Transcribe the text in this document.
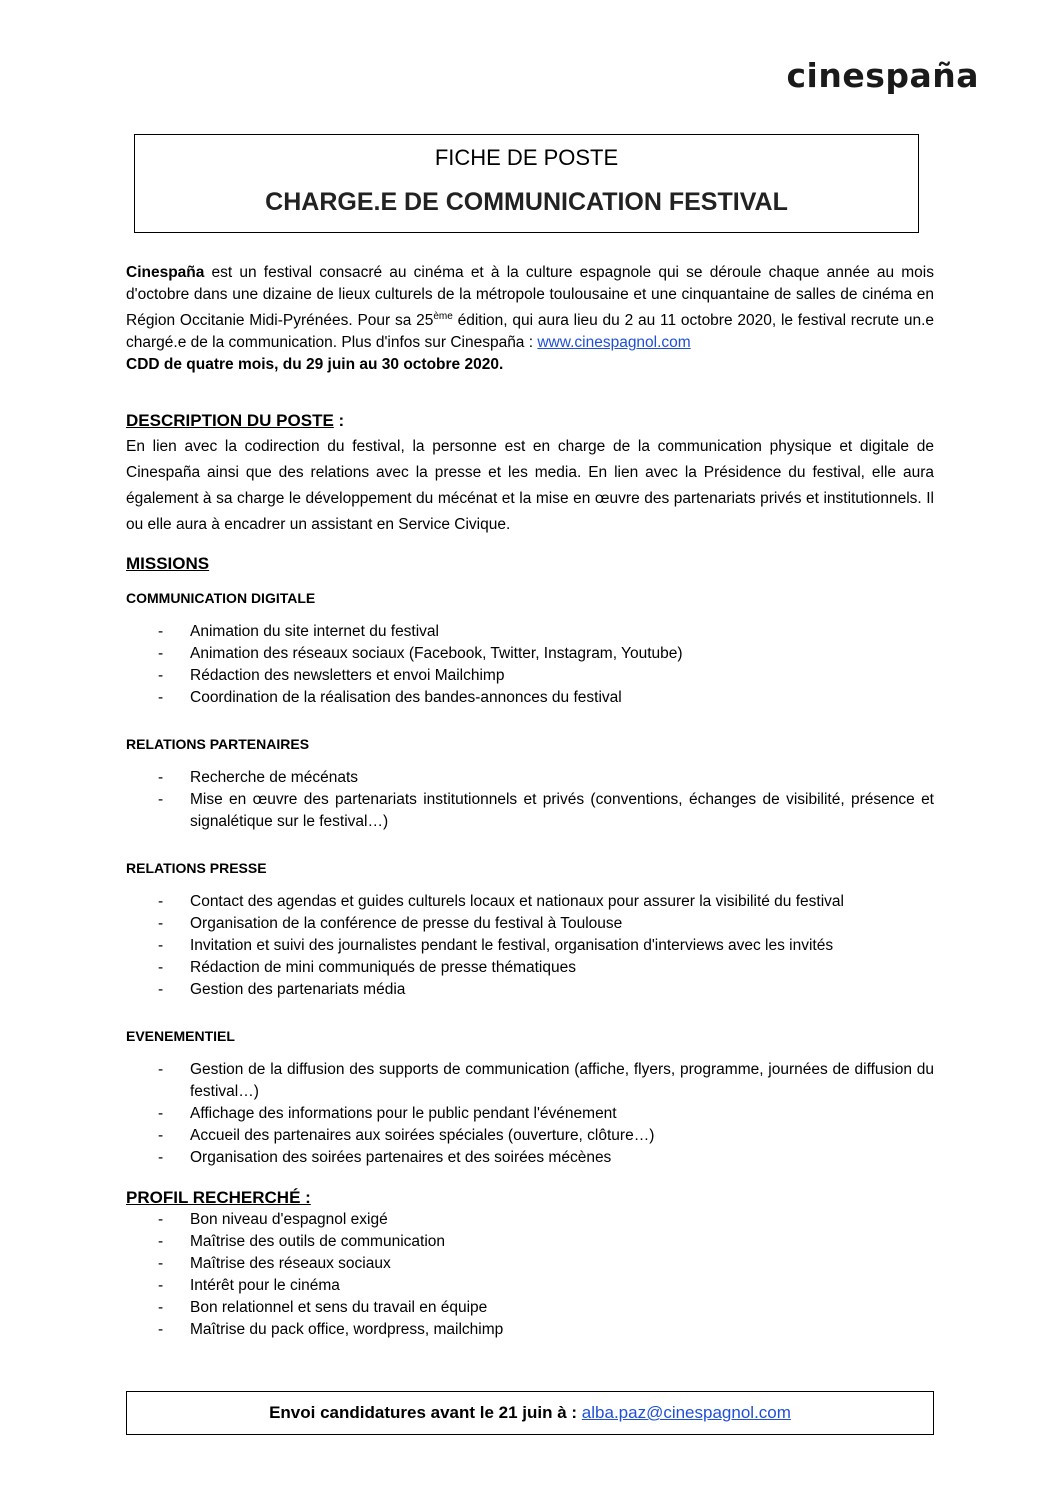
cinespaña
FICHE DE POSTE
CHARGE.E DE COMMUNICATION FESTIVAL

Cinespaña est un festival consacré au cinéma et à la culture espagnole qui se déroule chaque année au mois d'octobre dans une dizaine de lieux culturels de la métropole toulousaine et une cinquantaine de salles de cinéma en Région Occitanie Midi-Pyrénées. Pour sa 25ème édition, qui aura lieu du 2 au 11 octobre 2020, le festival recrute un.e chargé.e de la communication. Plus d'infos sur Cinespaña : www.cinespagnol.com

CDD de quatre mois, du 29 juin au 30 octobre 2020.

DESCRIPTION DU POSTE :

En lien avec la codirection du festival, la personne est en charge de la communication physique et digitale de Cinespaña ainsi que des relations avec la presse et les media. En lien avec la Présidence du festival, elle aura également à sa charge le développement du mécénat et la mise en œuvre des partenariats privés et institutionnels. Il ou elle aura à encadrer un assistant en Service Civique.

MISSIONS

COMMUNICATION DIGITALE

- Animation du site internet du festival
- Animation des réseaux sociaux (Facebook, Twitter, Instagram, Youtube)
- Rédaction des newsletters et envoi Mailchimp
- Coordination de la réalisation des bandes-annonces du festival

RELATIONS PARTENAIRES

- Recherche de mécénats
- Mise en œuvre des partenariats institutionnels et privés (conventions, échanges de visibilité, présence et signalétique sur le festival…)

RELATIONS PRESSE

- Contact des agendas et guides culturels locaux et nationaux pour assurer la visibilité du festival
- Organisation de la conférence de presse du festival à Toulouse
- Invitation et suivi des journalistes pendant le festival, organisation d'interviews avec les invités
- Rédaction de mini communiqués de presse thématiques
- Gestion des partenariats média

EVENEMENTIEL

- Gestion de la diffusion des supports de communication (affiche, flyers, programme, journées de diffusion du festival…)
- Affichage des informations pour le public pendant l'événement
- Accueil des partenaires aux soirées spéciales (ouverture, clôture…)
- Organisation des soirées partenaires et des soirées mécènes

PROFIL RECHERCHÉ :

- Bon niveau d'espagnol exigé
- Maîtrise des outils de communication
- Maîtrise des réseaux sociaux
- Intérêt pour le cinéma
- Bon relationnel et sens du travail en équipe
- Maîtrise du pack office, wordpress, mailchimp
Envoi candidatures avant le 21 juin à : alba.paz@cinespagnol.com
